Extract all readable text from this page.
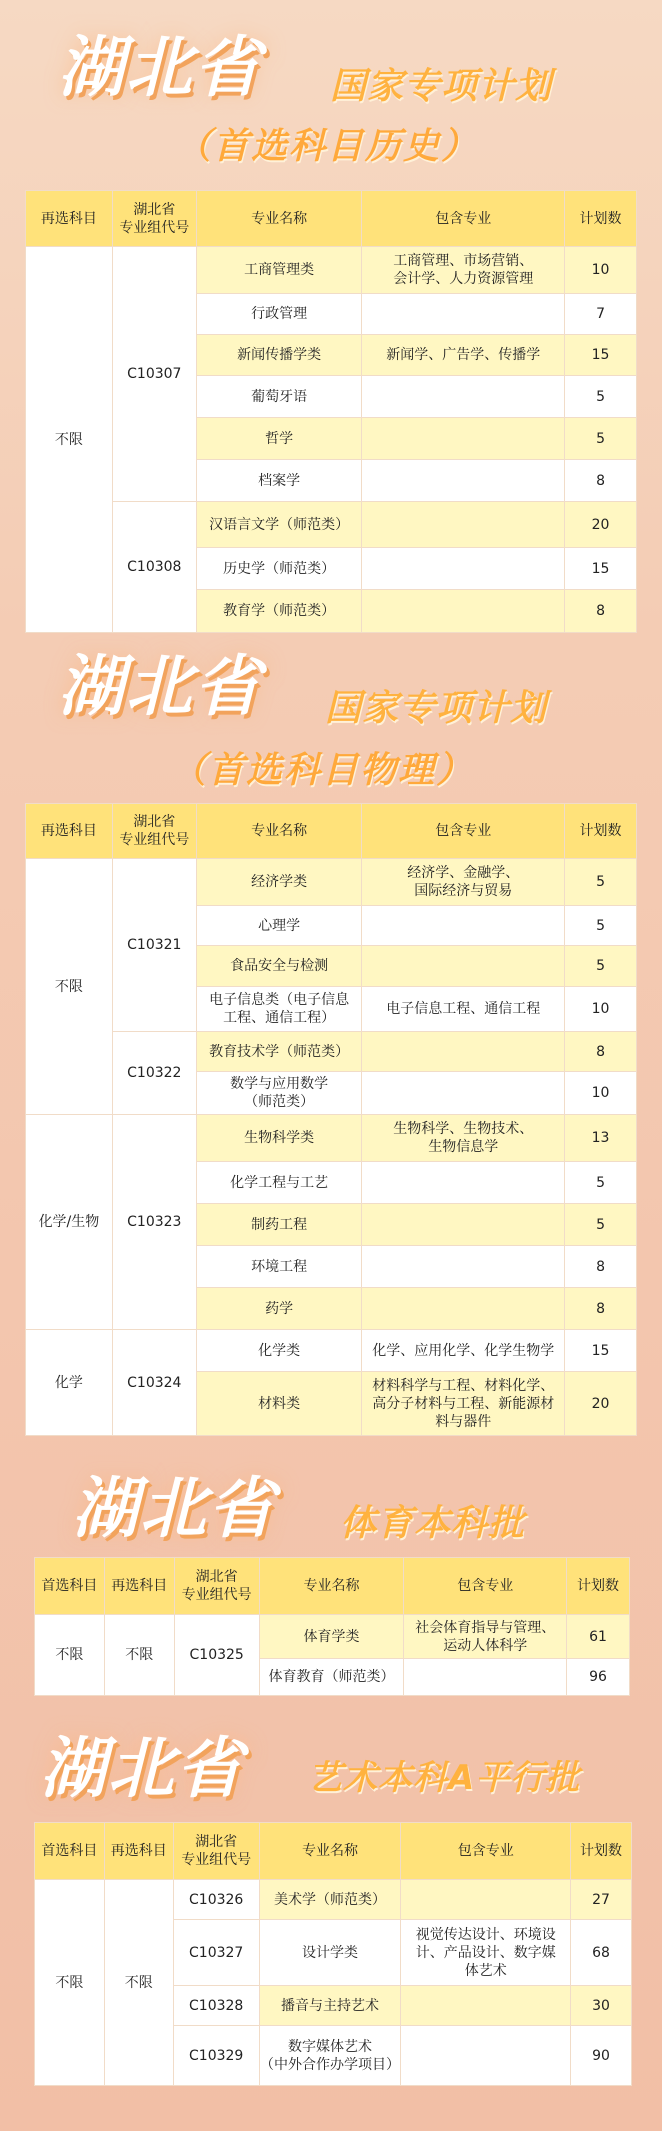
湖北省 国家专项计划
（首选科目历史）
再选科目	湖北省
专业组代号	专业名称	包含专业	计划数
不限	C10307	工商管理类	工商管理、市场营销、
会计学、人力资源管理	10
		行政管理		7
		新闻传播学类	新闻学、广告学、传播学	15
		葡萄牙语		5
		哲学		5
		档案学		8
	C10308	汉语言文学（师范类）		20
		历史学（师范类）		15
		教育学（师范类）		8
湖北省 国家专项计划
（首选科目物理）
再选科目	湖北省
专业组代号	专业名称	包含专业	计划数
不限	C10321	经济学类	经济学、金融学、
国际经济与贸易	5
		心理学		5
		食品安全与检测		5
		电子信息类（电子信息
工程、通信工程）	电子信息工程、通信工程	10
	C10322	教育技术学（师范类）		8
		数学与应用数学
（师范类）		10
化学/生物	C10323	生物科学类	生物科学、生物技术、
生物信息学	13
		化学工程与工艺		5
		制药工程		5
		环境工程		8
		药学		8
化学	C10324	化学类	化学、应用化学、化学生物学	15
		材料类	材料科学与工程、材料化学、
高分子材料与工程、新能源材
料与器件	20
湖北省 体育本科批
首选科目	再选科目	湖北省
专业组代号	专业名称	包含专业	计划数
不限	不限	C10325	体育学类	社会体育指导与管理、
运动人体科学	61
			体育教育（师范类）		96
湖北省 艺术本科A平行批
首选科目	再选科目	湖北省
专业组代号	专业名称	包含专业	计划数
不限	不限	C10326	美术学（师范类）		27
		C10327	设计学类	视觉传达设计、环境设
计、产品设计、数字媒
体艺术	68
		C10328	播音与主持艺术		30
		C10329	数字媒体艺术
（中外合作办学项目）		90
